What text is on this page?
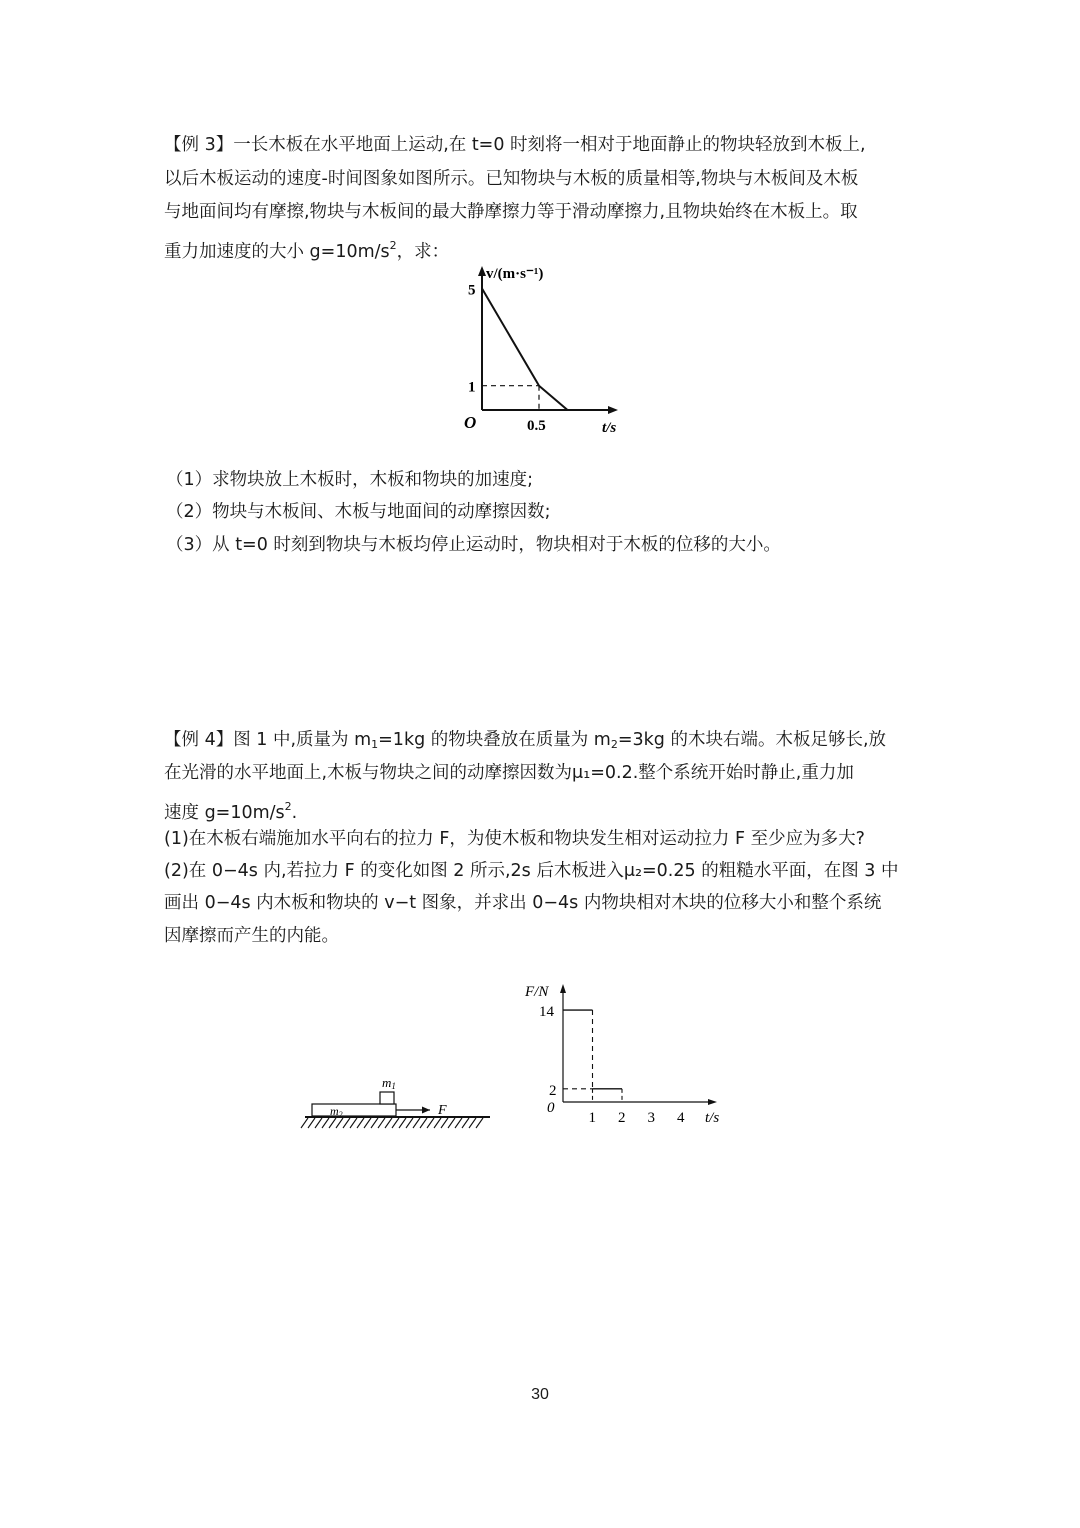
【例 3】一长木板在水平地面上运动,在 t=0 时刻将一相对于地面静止的物块轻放到木板上,
以后木板运动的速度-时间图象如图所示。已知物块与木板的质量相等,物块与木板间及木板
与地面间均有摩擦,物块与木板间的最大静摩擦力等于滑动摩擦力,且物块始终在木板上。取
重力加速度的大小 $g=10m/s^2$，求：
v/(m·s⁻¹)
5
1
O	0.5	t/s
（1）求物块放上木板时，木板和物块的加速度;
（2）物块与木板间、木板与地面间的动摩擦因数;
（3）从 t=0 时刻到物块与木板均停止运动时，物块相对于木板的位移的大小。
【例 4】图 1 中,质量为 $m_1=1kg$ 的物块叠放在质量为 $m_2=3kg$ 的木块右端。木板足够长,放
在光滑的水平地面上,木板与物块之间的动摩擦因数为μ₁=0.2.整个系统开始时静止,重力加
速度 $g=10m/s^2$.
(1)在木板右端施加水平向右的拉力 F，为使木板和物块发生相对运动拉力 F 至少应为多大?
(2)在 0−4s 内,若拉力 F 的变化如图 2 所示,2s 后木板进入μ₂=0.25 的粗糙水平面，在图 3 中
画出 0−4s 内木板和物块的 v−t 图象，并求出 0−4s 内物块相对木块的位移大小和整个系统
因摩擦而产生的内能。
m1
m2	F
F/N
14
2
0
1 2 3 4 t/s
30
